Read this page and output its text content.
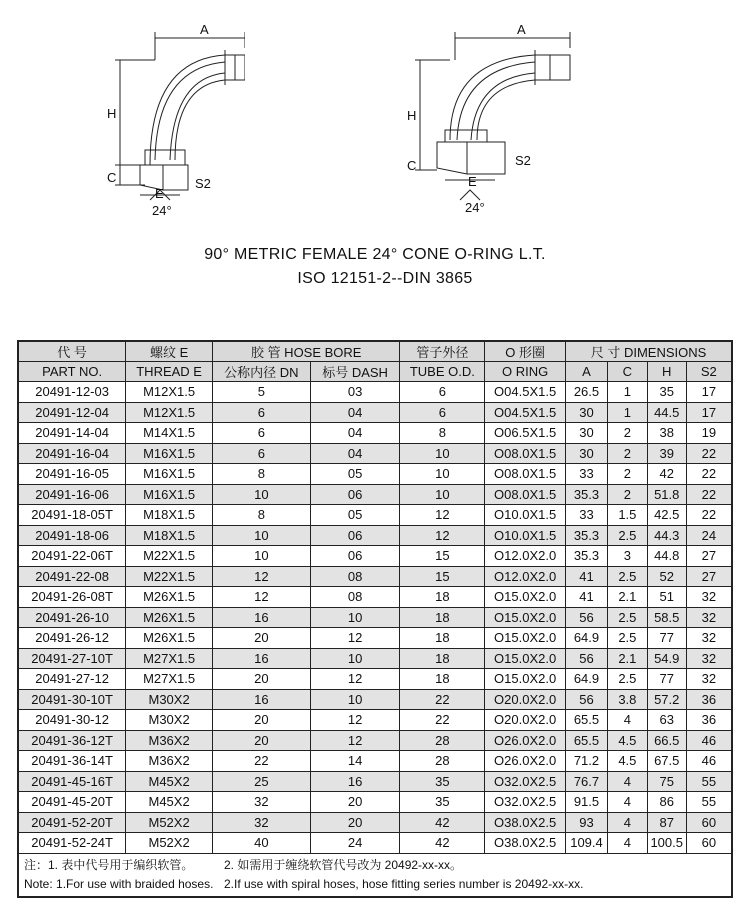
A
H
C
E
S2
24°
A
H
C
E
S2
24°
90° METRIC FEMALE 24° CONE O-RING L.T.
ISO 12151-2--DIN 3865
代 号	螺纹 E	胶 管 HOSE BORE		管子外径	O 形圈	尺 寸 DIMENSIONS			
PART NO.	THREAD E	公称内径 DN	标号 DASH	TUBE O.D.	O RING	A	C	H	S2
20491-12-03	M12X1.5	5	03	6	O04.5X1.5	26.5	1	35	17
20491-12-04	M12X1.5	6	04	6	O04.5X1.5	30	1	44.5	17
20491-14-04	M14X1.5	6	04	8	O06.5X1.5	30	2	38	19
20491-16-04	M16X1.5	6	04	10	O08.0X1.5	30	2	39	22
20491-16-05	M16X1.5	8	05	10	O08.0X1.5	33	2	42	22
20491-16-06	M16X1.5	10	06	10	O08.0X1.5	35.3	2	51.8	22
20491-18-05T	M18X1.5	8	05	12	O10.0X1.5	33	1.5	42.5	22
20491-18-06	M18X1.5	10	06	12	O10.0X1.5	35.3	2.5	44.3	24
20491-22-06T	M22X1.5	10	06	15	O12.0X2.0	35.3	3	44.8	27
20491-22-08	M22X1.5	12	08	15	O12.0X2.0	41	2.5	52	27
20491-26-08T	M26X1.5	12	08	18	O15.0X2.0	41	2.1	51	32
20491-26-10	M26X1.5	16	10	18	O15.0X2.0	56	2.5	58.5	32
20491-26-12	M26X1.5	20	12	18	O15.0X2.0	64.9	2.5	77	32
20491-27-10T	M27X1.5	16	10	18	O15.0X2.0	56	2.1	54.9	32
20491-27-12	M27X1.5	20	12	18	O15.0X2.0	64.9	2.5	77	32
20491-30-10T	M30X2	16	10	22	O20.0X2.0	56	3.8	57.2	36
20491-30-12	M30X2	20	12	22	O20.0X2.0	65.5	4	63	36
20491-36-12T	M36X2	20	12	28	O26.0X2.0	65.5	4.5	66.5	46
20491-36-14T	M36X2	22	14	28	O26.0X2.0	71.2	4.5	67.5	46
20491-45-16T	M45X2	25	16	35	O32.0X2.5	76.7	4	75	55
20491-45-20T	M45X2	32	20	35	O32.0X2.5	91.5	4	86	55
20491-52-20T	M52X2	32	20	42	O38.0X2.5	93	4	87	60
20491-52-24T	M52X2	40	24	42	O38.0X2.5	109.4	4	100.5	60
注：1. 表中代号用于编织软管。 2. 如需用于缠绕软管代号改为 20492-xx-xx。
Note: 1.For use with braided hoses. 2.If use with spiral hoses, hose fitting series number is 20492-xx-xx.									
